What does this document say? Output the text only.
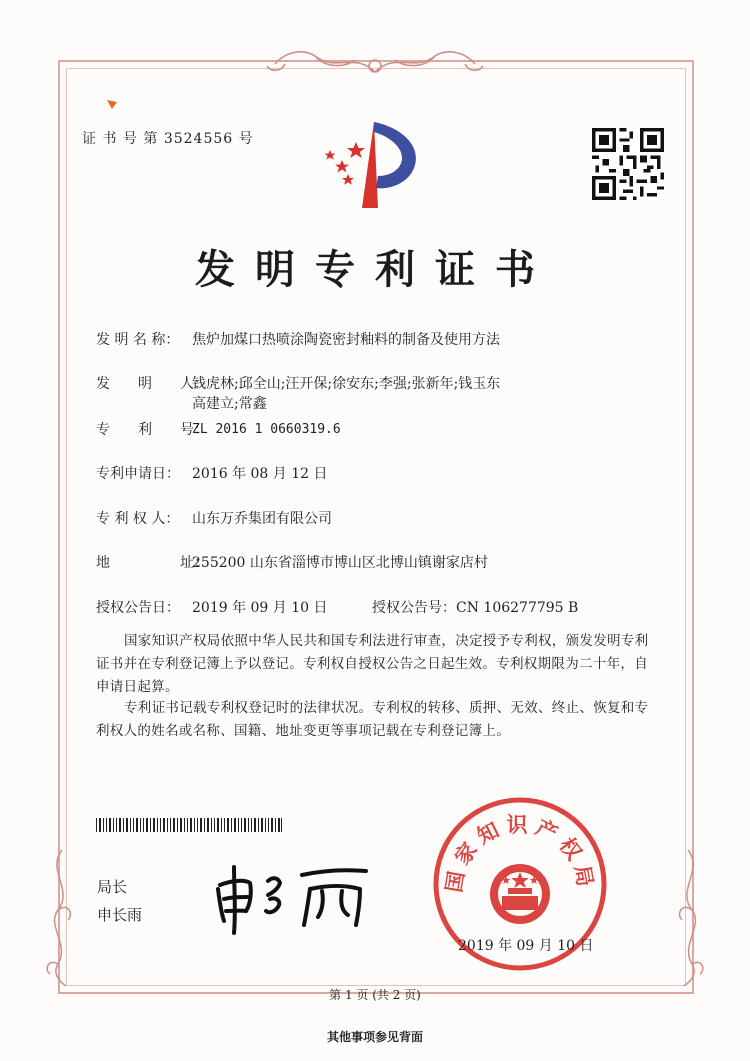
证 书 号 第 3524556 号
发明专利证书
发 明 名 称： 焦炉加煤口热喷涂陶瓷密封釉料的制备及使用方法
发　　明　　人：钱虎林;邱全山;汪开保;徐安东;李强;张新年;钱玉东
高建立;常鑫
专　　利　　号：ZL 2016 1 0660319.6
专利申请日： 2016 年 08 月 12 日
专 利 权 人： 山东万乔集团有限公司
地　　　　　址：255200 山东省淄博市博山区北博山镇谢家店村
授权公告日： 2019 年 09 月 10 日	授权公告号：CN 106277795 B
国家知识产权局依照中华人民共和国专利法进行审查，决定授予专利权，颁发发明专利证书并在专利登记簿上予以登记。专利权自授权公告之日起生效。专利权期限为二十年，自申请日起算。
专利证书记载专利权登记时的法律状况。专利权的转移、质押、无效、终止、恢复和专利权人的姓名或名称、国籍、地址变更等事项记载在专利登记簿上。
局长
申长雨
国家知识产权局
2019 年 09 月 10 日
第 1 页 (共 2 页)
其他事项参见背面
